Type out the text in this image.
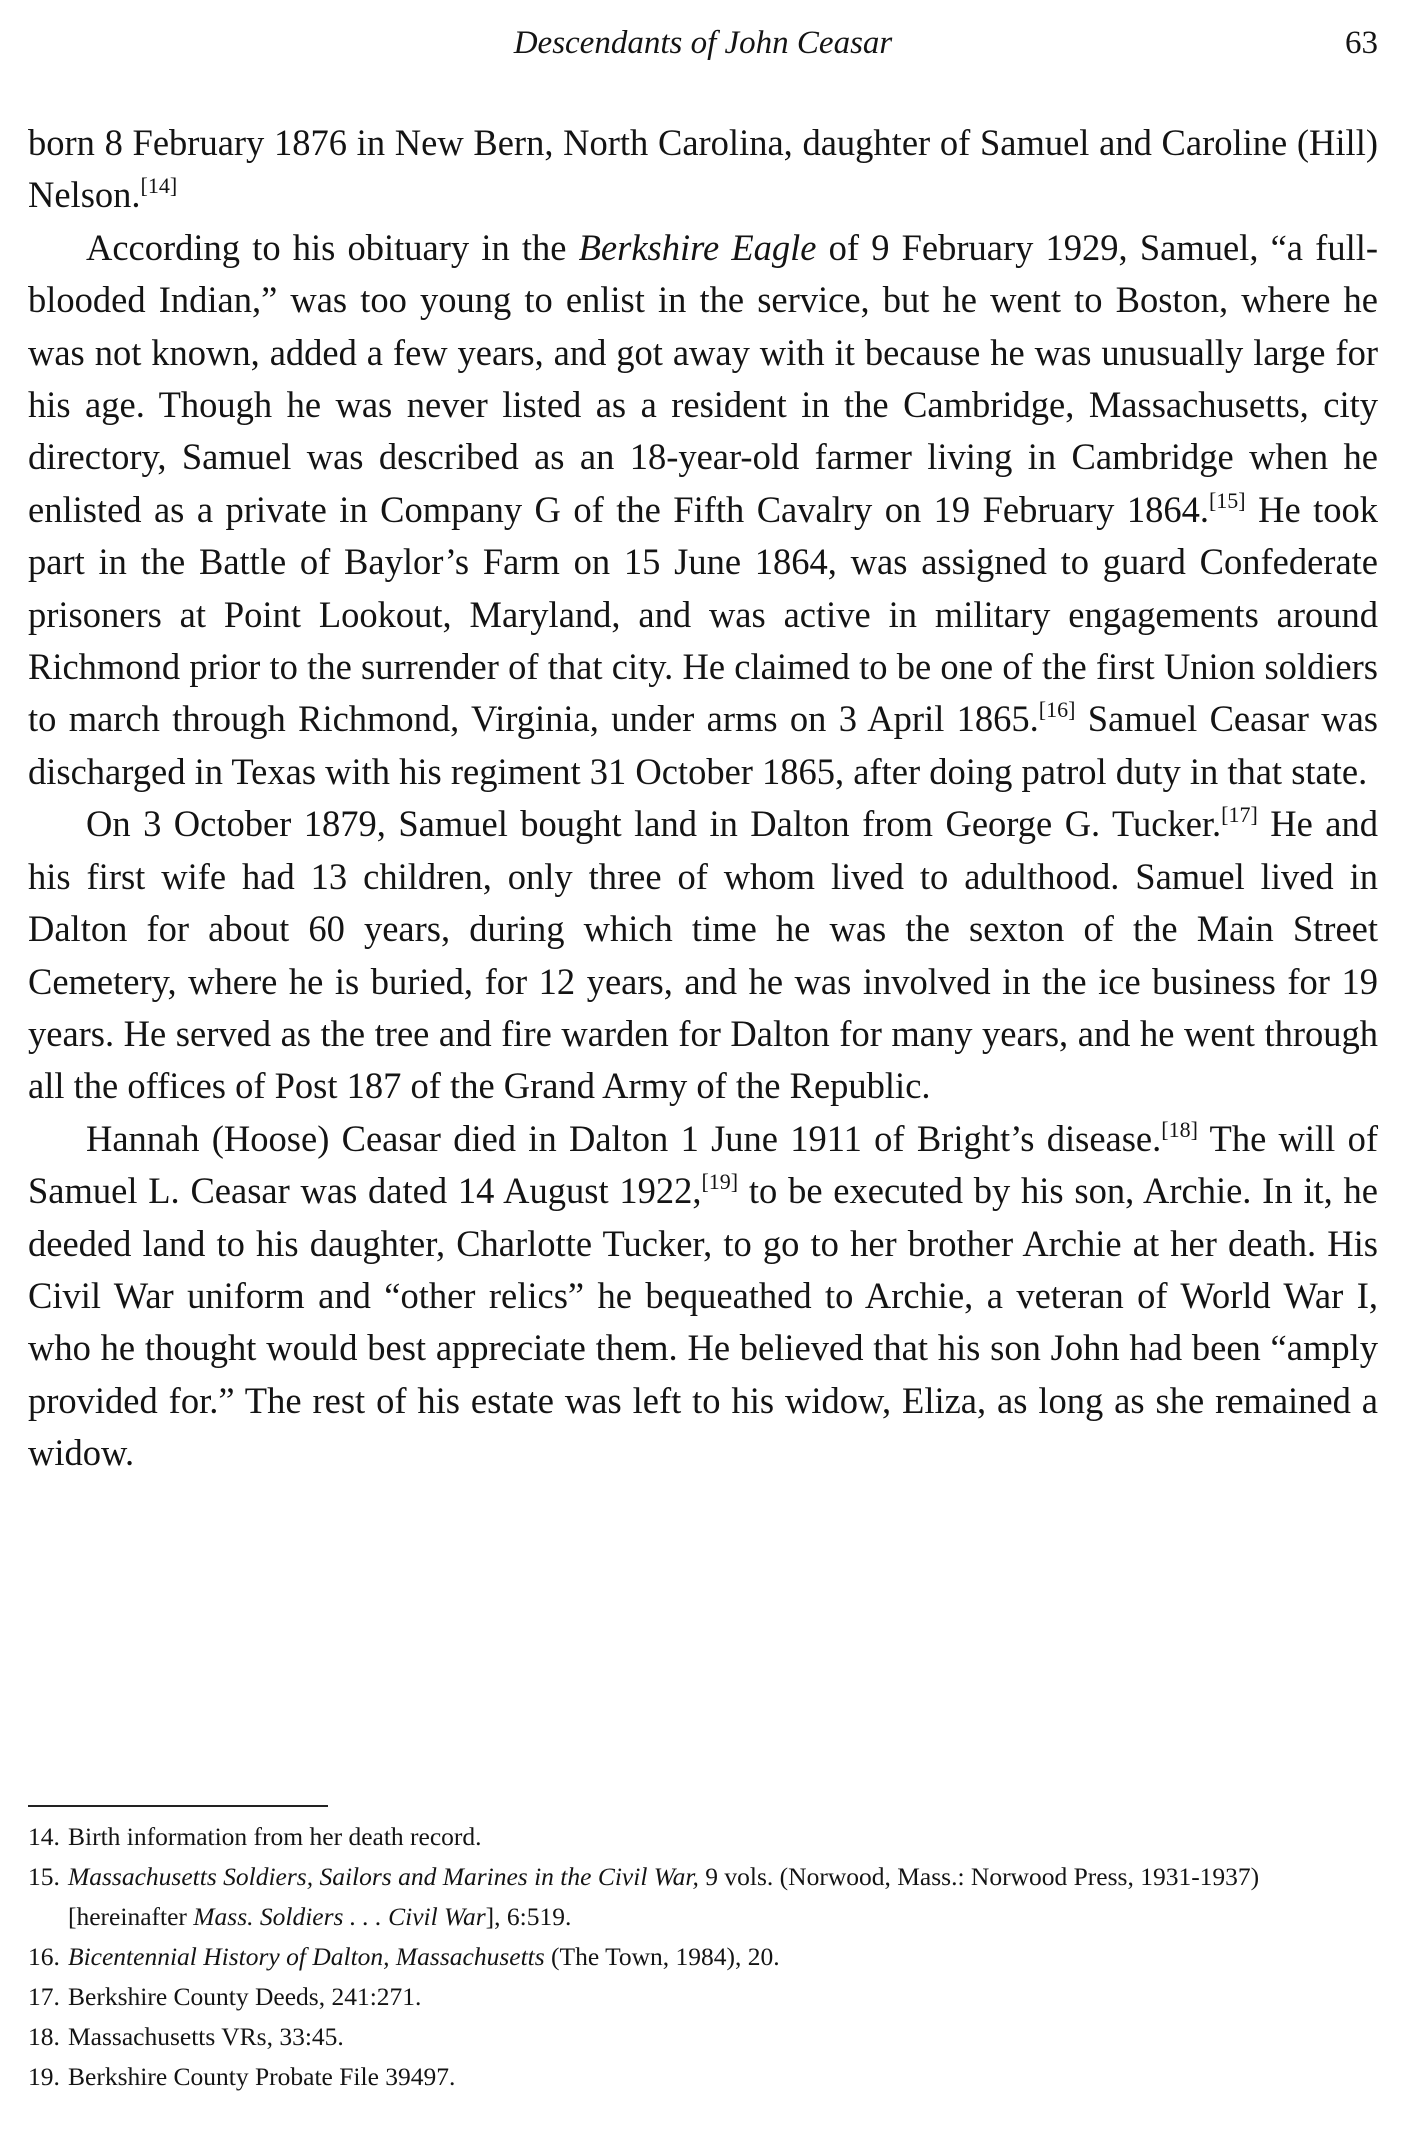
Descendants of John Ceasar	63

born 8 February 1876 in New Bern, North Carolina, daughter of Samuel and Caroline (Hill) Nelson.[14]

According to his obituary in the Berkshire Eagle of 9 February 1929, Samuel, “a full-blooded Indian,” was too young to enlist in the service, but he went to Boston, where he was not known, added a few years, and got away with it because he was unusually large for his age. Though he was never listed as a resident in the Cambridge, Massachusetts, city directory, Samuel was described as an 18-year-old farmer living in Cambridge when he enlisted as a private in Company G of the Fifth Cavalry on 19 February 1864.[15] He took part in the Battle of Baylor’s Farm on 15 June 1864, was assigned to guard Confederate prisoners at Point Lookout, Maryland, and was active in military engagements around Richmond prior to the surrender of that city. He claimed to be one of the first Union soldiers to march through Richmond, Virginia, under arms on 3 April 1865.[16] Samuel Ceasar was discharged in Texas with his regiment 31 October 1865, after doing patrol duty in that state.

On 3 October 1879, Samuel bought land in Dalton from George G. Tucker.[17] He and his first wife had 13 children, only three of whom lived to adulthood. Samuel lived in Dalton for about 60 years, during which time he was the sexton of the Main Street Cemetery, where he is buried, for 12 years, and he was involved in the ice business for 19 years. He served as the tree and fire warden for Dalton for many years, and he went through all the offices of Post 187 of the Grand Army of the Republic.

Hannah (Hoose) Ceasar died in Dalton 1 June 1911 of Bright’s disease.[18] The will of Samuel L. Ceasar was dated 14 August 1922,[19] to be executed by his son, Archie. In it, he deeded land to his daughter, Charlotte Tucker, to go to her brother Archie at her death. His Civil War uniform and “other relics” he bequeathed to Archie, a veteran of World War I, who he thought would best appreciate them. He believed that his son John had been “amply provided for.” The rest of his estate was left to his widow, Eliza, as long as she remained a widow.

14. Birth information from her death record.

15. Massachusetts Soldiers, Sailors and Marines in the Civil War, 9 vols. (Norwood, Mass.: Norwood Press, 1931-1937) [hereinafter Mass. Soldiers . . . Civil War], 6:519.

16. Bicentennial History of Dalton, Massachusetts (The Town, 1984), 20.

17. Berkshire County Deeds, 241:271.

18. Massachusetts VRs, 33:45.

19. Berkshire County Probate File 39497.
